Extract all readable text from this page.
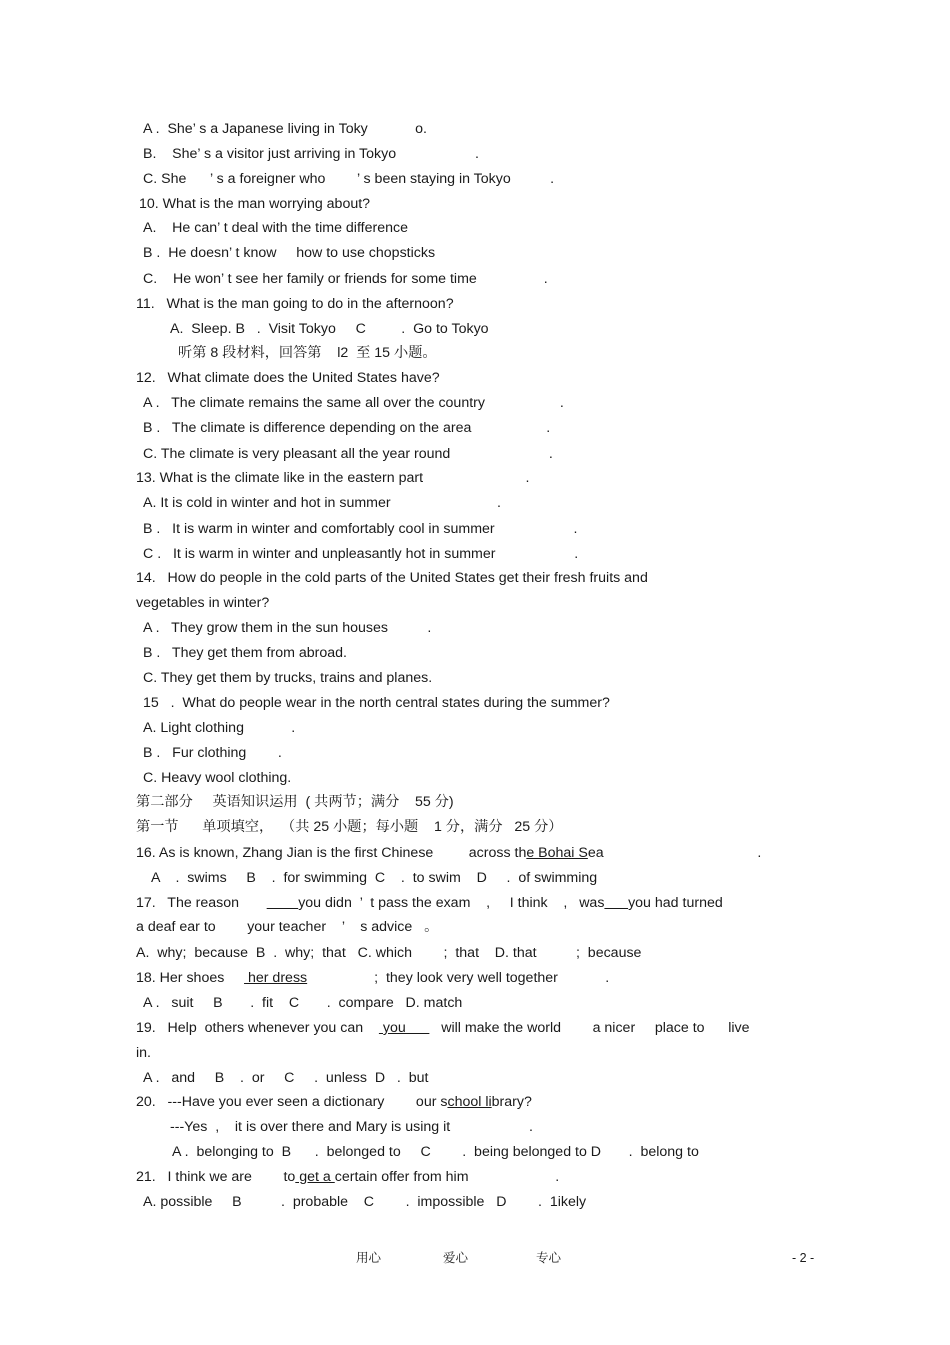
A .  She’ s a Japanese living in Toky            o.
B.    She’ s a visitor just arriving in Tokyo                    .
C. She      ’ s a foreigner who        ’ s been staying in Tokyo          .
10. What is the man worrying about?
A.    He can’ t deal with the time difference
B .  He doesn’ t know     how to use chopsticks
C.    He won’ t see her family or friends for some time                 .
11.   What is the man going to do in the afternoon?
A.  Sleep. B   .  Visit Tokyo     C         .  Go to Tokyo
听第 8 段材料，回答第    l2  至 15 小题。
12.   What climate does the United States have?
A .   The climate remains the same all over the country                   .
B .   The climate is difference depending on the area                   .
C. The climate is very pleasant all the year round                         .
13. What is the climate like in the eastern part                          .
A. It is cold in winter and hot in summer                           .
B .   It is warm in winter and comfortably cool in summer                    .
C .   It is warm in winter and unpleasantly hot in summer                    .
14.   How do people in the cold parts of the United States get their fresh fruits and
vegetables in winter?
A .   They grow them in the sun houses          .
B .   They get them from abroad.
C. They get them by trucks, trains and planes.
15   .  What do people wear in the north central states during the summer?
A. Light clothing            .
B .   Fur clothing        .
C. Heavy wool clothing.
第二部分     英语知识运用  ( 共两节；满分    55 分)
第一节      单项填空，  （共 25 小题；每小题    1 分，满分   25 分）
16. As is known, Zhang Jian is the first Chinese         across the Bohai Sea                                       .
A    .  swims     B    .  for swimming  C    .  to swim    D     .  of swimming
17.   The reason               you didn  ’  t pass the exam    ,     I think    ,   was you had turned
a deaf ear to        your teacher    ’    s advice   。
A.  why;  because  B  .  why;  that   C. which        ;  that    D. that          ;  because
18. Her shoes      her dress                 ;  they look very well together            .
A .   suit     B       .  fit    C       .  compare   D. match
19.   Help  others whenever you can     you         will make the world        a nicer     place to      live
in.
A .   and     B    .  or     C     .  unless  D   .  but
20.   ---Have you ever seen a dictionary        our school library?
---Yes  ,    it is over there and Mary is using it                    .
A .  belonging to  B      .  belonged to     C        .  being belonged to D       .  belong to
21.   I think we are        to get a certain offer from him                      .
A. possible     B          .  probable    C        .  impossible   D        .  1ikely
用心	爱心	专心	- 2 -
